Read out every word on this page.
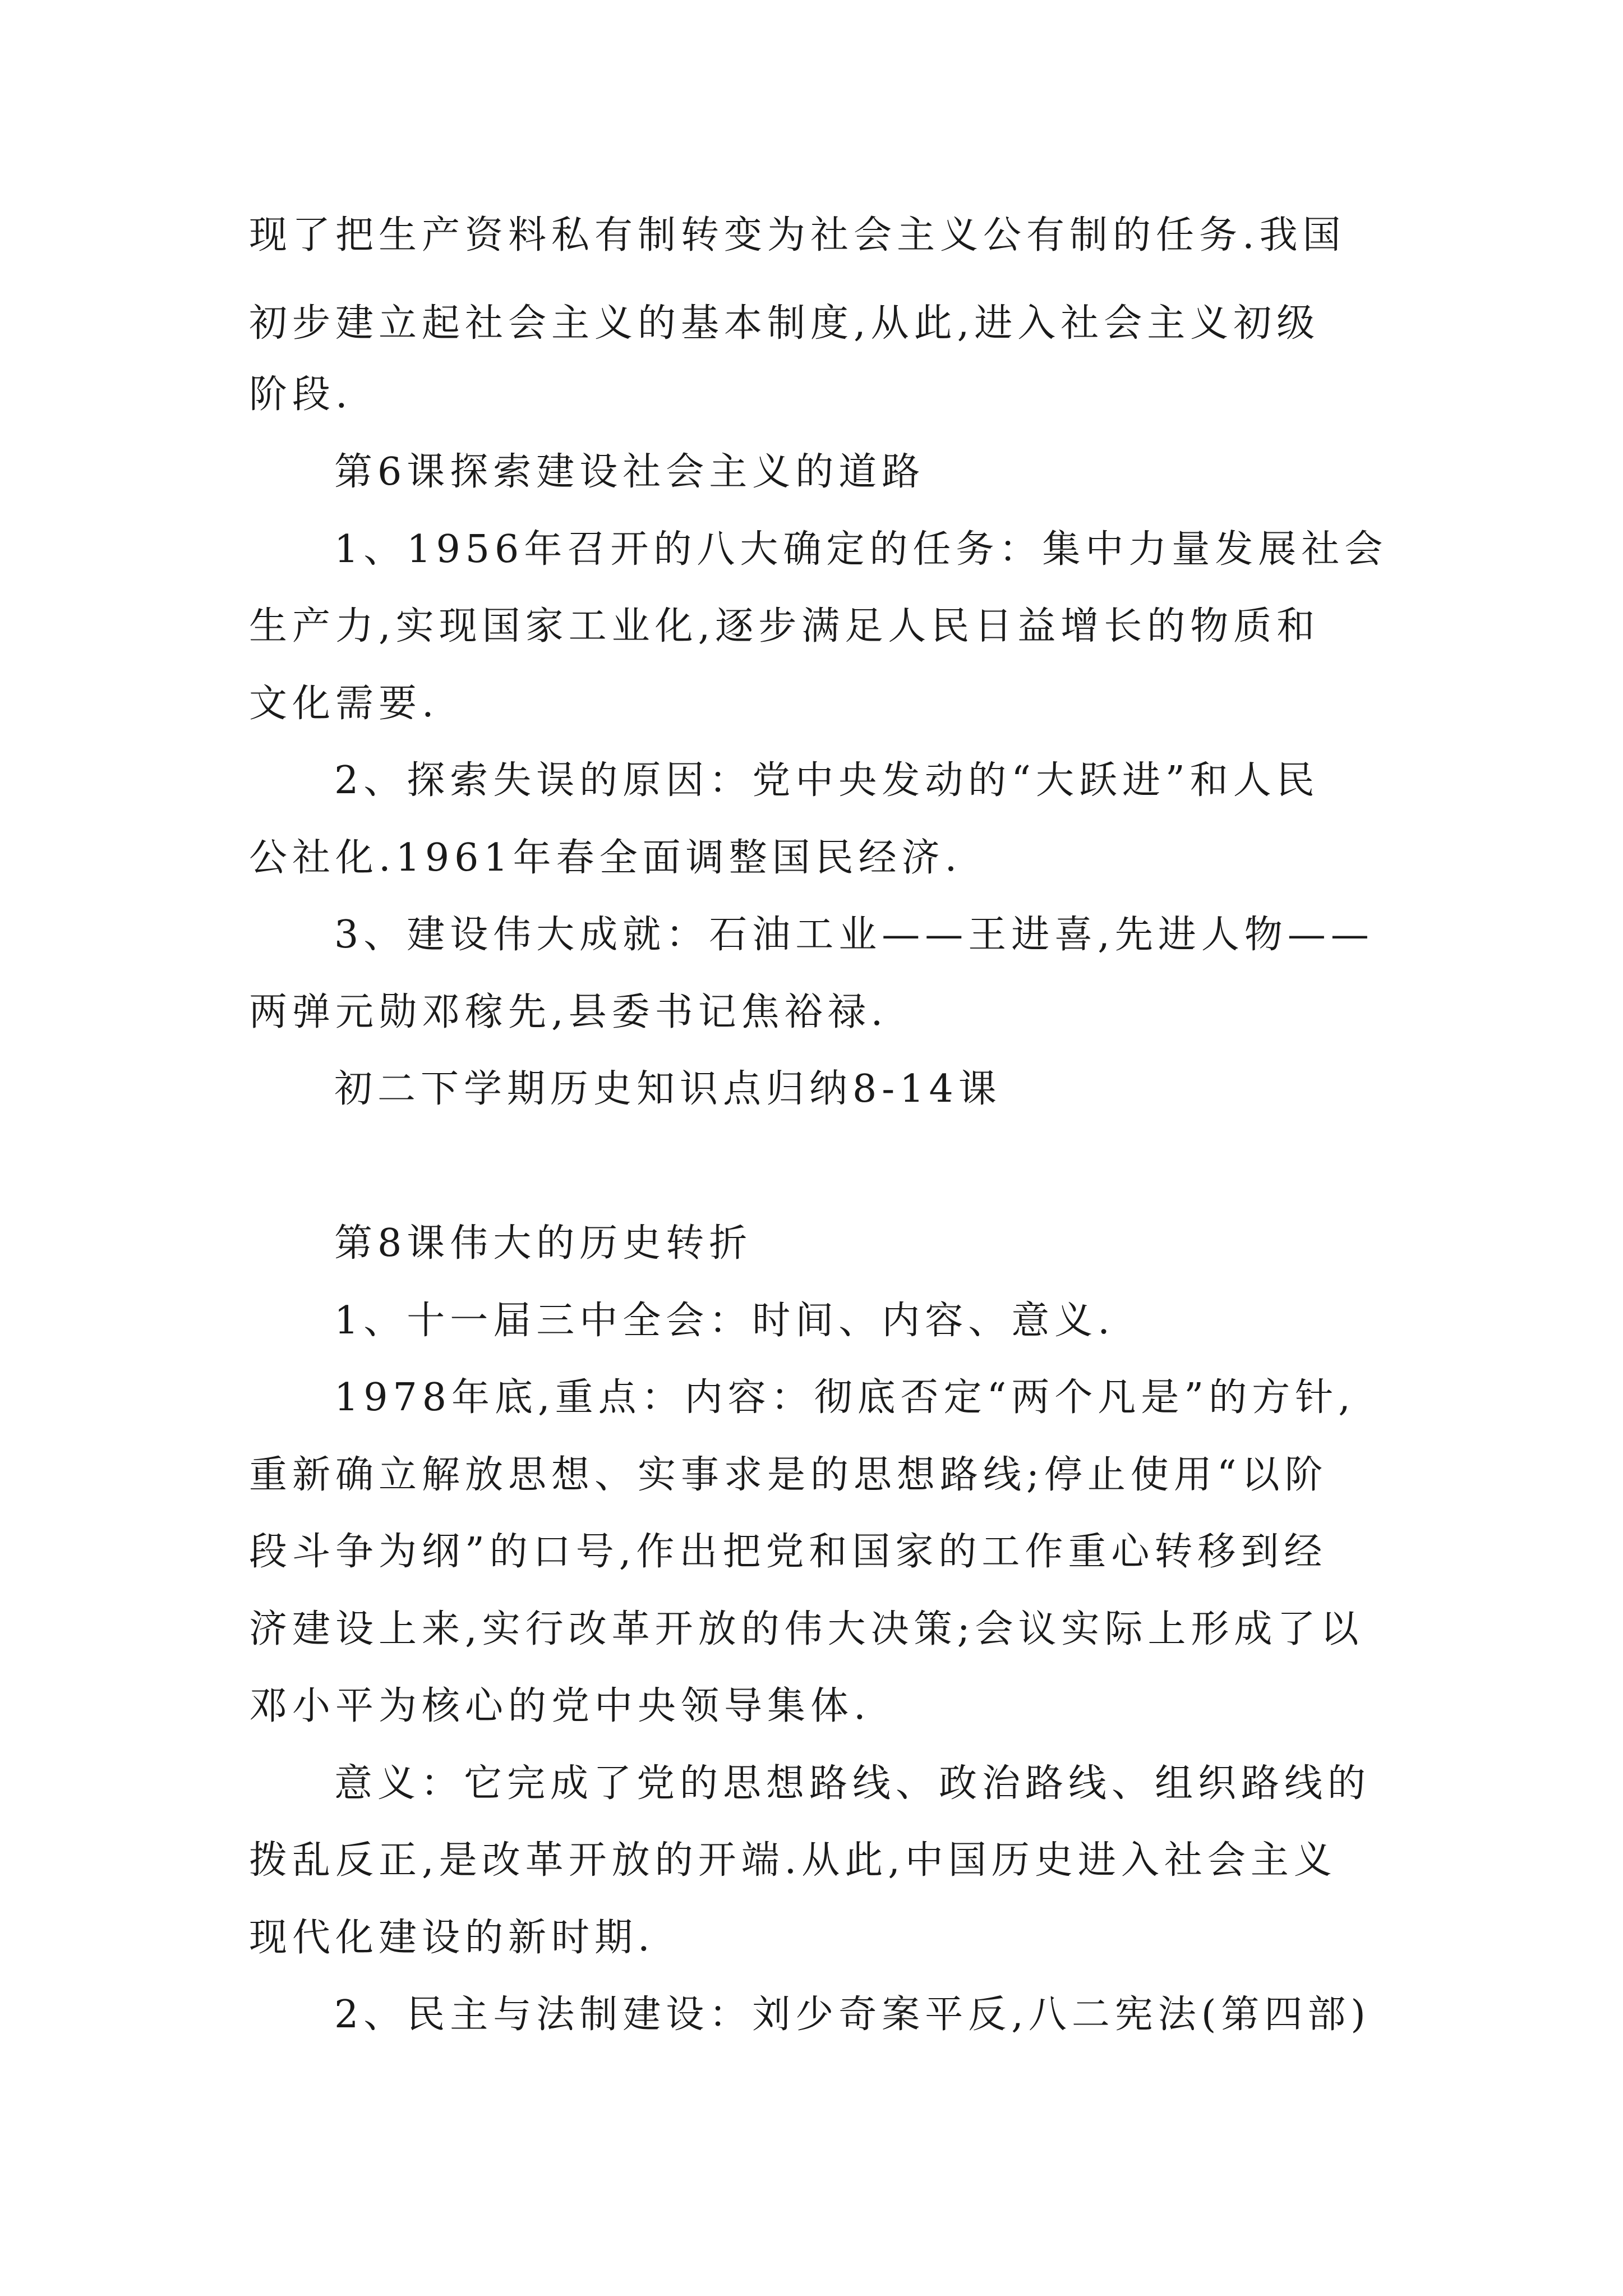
现了把生产资料私有制转变为社会主义公有制的任务.我国

初步建立起社会主义的基本制度,从此,进入社会主义初级

阶段.

第6课探索建设社会主义的道路

1、1956年召开的八大确定的任务：集中力量发展社会

生产力,实现国家工业化,逐步满足人民日益增长的物质和

文化需要.

2、探索失误的原因：党中央发动的“大跃进”和人民

公社化.1961年春全面调整国民经济.

3、建设伟大成就：石油工业——王进喜,先进人物——

两弹元勋邓稼先,县委书记焦裕禄.

初二下学期历史知识点归纳8-14课

第8课伟大的历史转折

1、十一届三中全会：时间、内容、意义.

1978年底,重点：内容：彻底否定“两个凡是”的方针,

重新确立解放思想、实事求是的思想路线;停止使用“以阶

段斗争为纲”的口号,作出把党和国家的工作重心转移到经

济建设上来,实行改革开放的伟大决策;会议实际上形成了以

邓小平为核心的党中央领导集体.

意义：它完成了党的思想路线、政治路线、组织路线的

拨乱反正,是改革开放的开端.从此,中国历史进入社会主义

现代化建设的新时期.

2、民主与法制建设：刘少奇案平反,八二宪法(第四部)
